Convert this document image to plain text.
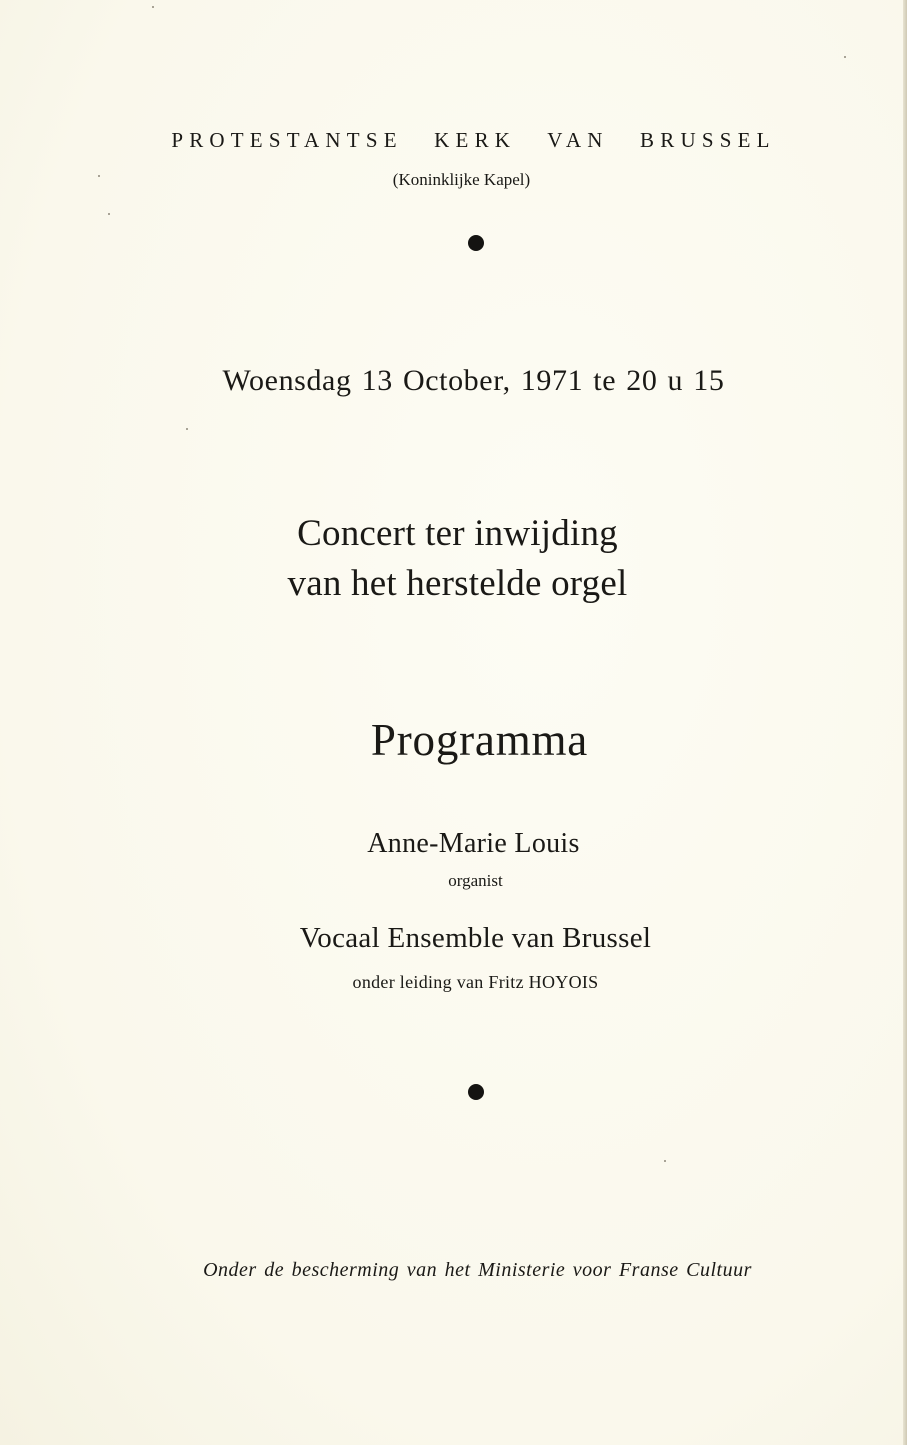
PROTESTANTSE KERK VAN BRUSSEL
(Koninklijke Kapel)
Woensdag 13 October, 1971 te 20 u 15
Concert ter inwijding
van het herstelde orgel
Programma
Anne-Marie Louis
organist
Vocaal Ensemble van Brussel
onder leiding van Fritz HOYOIS
Onder de bescherming van het Ministerie voor Franse Cultuur
